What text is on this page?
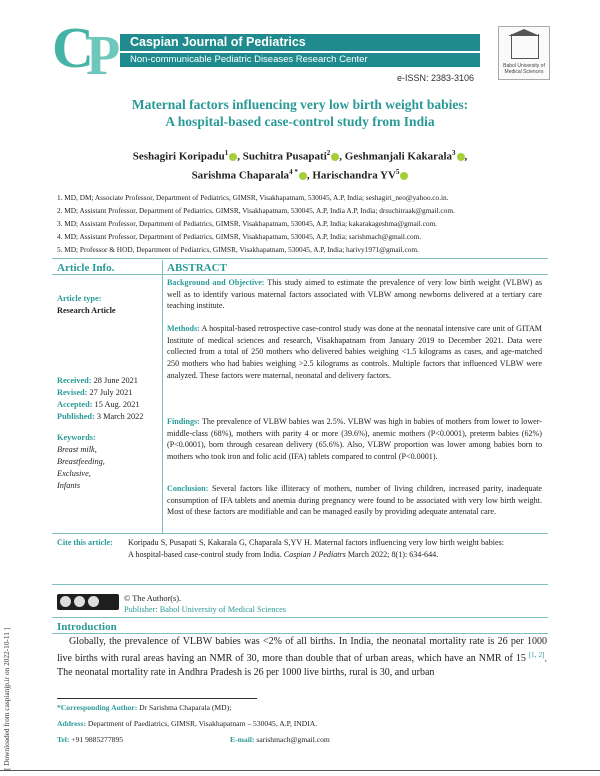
C
P Caspian Journal of Pediatrics
Non-communicable Pediatric Diseases Research Center
e-ISSN: 2383-3106
Babol University of Medical Sciences
Maternal factors influencing very low birth weight babies:
A hospital-based case-control study from India
Seshagiri Koripadu$^1$ , Suchitra Pusapati$^2$ , Geshmanjali Kakarala$^3$ ,
Sarishma Chaparala$^{4 *}$ , Harischandra $YV^5$
1. MD, DM; Associate Professor, Department of Pediatrics, GIMSR, Visakhapatnam, 530045, A.P, India; seshagiri_neo@yahoo.co.in.
2. MD; Assistant Professor, Department of Pediatrics, GIMSR, Visakhapatnam, 530045, A.P, India A.P, India; drsuchitraak@gmail.com.
3. MD; Assistant Professor, Department of Pediatrics, GIMSR, Visakhapatnam, 530045, A.P, India; kakarakageshma@gmail.com.
4. MD; Assistant Professor, Department of Pediatrics, GIMSR, Visakhapatnam, 530045, A.P, India; sarishmach@gmail.com.
5. MD; Professor & HOD, Department of Pediatrics, GIMSR, Visakhapatnam, 530045, A.P, India; harivy1971@gmail.com.
Article Info.	ABSTRACT
Article type:
Research Article
Received: 28 June 2021
Revised: 27 July 2021
Accepted: 15 Aug. 2021
Published: 3 March 2022
Keywords:
Breast milk,
Breastfeeding,
Exclusive,
Infants
Background and Objective: This study aimed to estimate the prevalence of very low birth weight (VLBW) as well as to identify various maternal factors associated with VLBW among newborns delivered at a tertiary care teaching institute.
Methods: A hospital-based retrospective case-control study was done at the neonatal intensive care unit of GITAM Institute of medical sciences and research, Visakhapatnam from January 2019 to December 2021. Data were collected from a total of 250 mothers who delivered babies weighing <1.5 kilograms as cases, and age-matched 250 mothers who had babies weighing >2.5 kilograms as controls. Multiple factors that influenced VLBW were analyzed. These factors were maternal, neonatal and delivery factors.
Findings: The prevalence of VLBW babies was 2.5%. VLBW was high in babies of mothers from lower to lower-middle-class (68%), mothers with parity 4 or more (39.6%), anemic mothers (P<0.0001), preterm babies (62%) (P<0.0001), born through cesarean delivery (65.6%). Also, VLBW proportion was lower among babies born to mothers who took iron and folic acid (IFA) tablets compared to control (P<0.0001).
Conclusion: Several factors like illiteracy of mothers, number of living children, increased parity, inadequate consumption of IFA tablets and anemia during pregnancy were found to be associated with very low birth weight. Most of these factors are modifiable and can be managed easily by providing adequate antenatal care.
Cite this article: Koripadu S, Pusapati S, Kakarala G, Chaparala S,YV H. Maternal factors influencing very low birth weight babies: A hospital-based case-control study from India. Caspian J Pediatrs March 2022; 8(1): 634-644.
© The Author(s).
Publisher: Babol University of Medical Sciences
Introduction
Globally, the prevalence of VLBW babies was <2% of all births. In India, the neonatal mortality rate is 26 per 1000 live births with rural areas having an NMR of 30, more than double that of urban areas, which have an NMR of 15 [1, 2]. The neonatal mortality rate in Andhra Pradesh is 26 per 1000 live births, rural is 30, and urban
*Corresponding Author: Dr Sarishma Chaparala (MD);
Address: Department of Paediatrics, GIMSR, Visakhapatnam – 530045, A.P, INDIA.
Tel: +91 9885277895	E-mail: sarishmach@gmail.com
[ Downloaded from caspianjp.ir on 2022-10-11 ]
